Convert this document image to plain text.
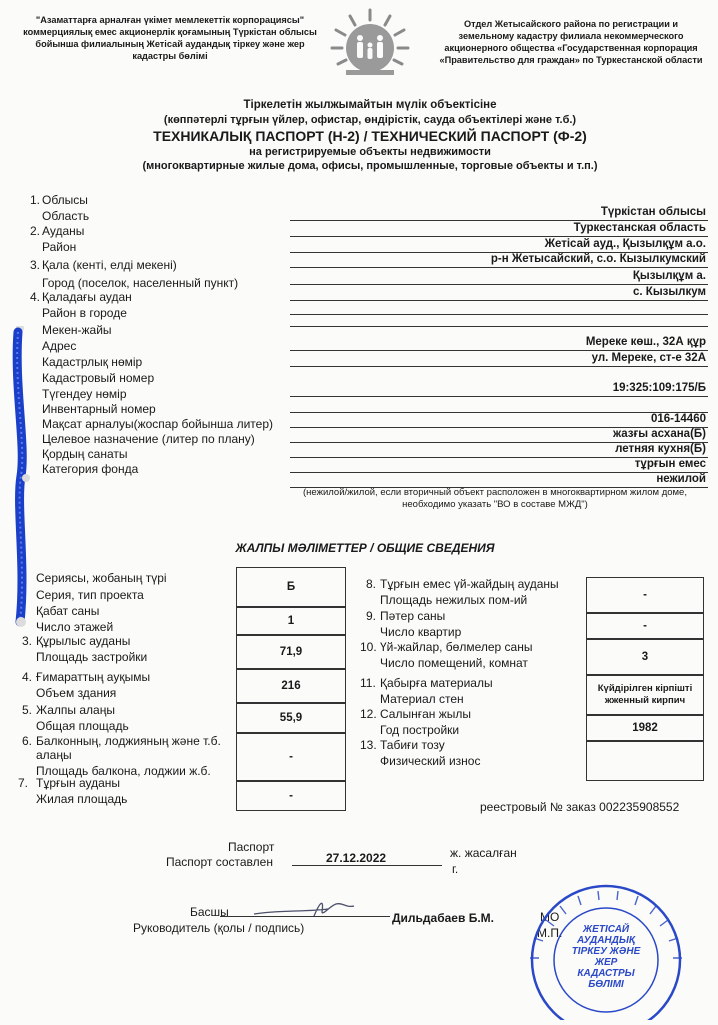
"Азаматтарға арналған үкімет мемлекеттік корпорациясы" коммерциялық емес акционерлік қоғамының Түркістан облысы бойынша филиалының Жетісай аудандық тіркеу және жер кадастры бөлімі
Отдел Жетысайского района по регистрации и земельному кадастру филиала некоммерческого акционерного общества «Государственная корпорация «Правительство для граждан» по Туркестанской области
Тіркелетін жылжымайтын мүлік объектісіне
(көппәтерлі тұрғын үйлер, офистар, өндірістік, сауда объектілері және т.б.)
ТЕХНИКАЛЫҚ ПАСПОРТ (Н-2) / ТЕХНИЧЕСКИЙ ПАСПОРТ (Ф-2)
на регистрируемые объекты недвижимости
(многоквартирные жилые дома, офисы, промышленные, торговые объекты и т.п.)
1. Облысы
Область	Түркістан облысы
Туркестанская область
2. Ауданы
Район	Жетісай ауд., Қызылқұм а.о.
р-н Жетысайский, с.о. Кызылкумский
3. Қала (кенті, елді мекені)
Город (поселок, населенный пункт)	Қызылқұм а.
с. Кызылкум
4. Қаладағы аудан
Район в городе
Мекен-жайы
Адрес	Мереке көш., 32А құр
ул. Мереке, ст-е 32А
Кадастрлық нөмір
Кадастровый номер
19:325:109:175/Б
Түгендеу нөмір
Инвентарный номер
016-14460
Мақсат арналуы(жоспар бойынша литер)
Целевое назначение (литер по плану)	жазғы асхана(Б)
летняя кухня(Б)
Қордың санаты
Категория фонда	тұрғын емес
нежилой
(нежилой/жилой, если вторичный объект расположен в многоквартирном жилом доме, необходимо указать "ВО в составе МЖД")
ЖАЛПЫ МӘЛІМЕТТЕР / ОБЩИЕ СВЕДЕНИЯ
Сериясы, жобаның түрі
Серия, тип проекта
Б
Қабат саны
Число этажей	1
3. Құрылыс ауданы
Площадь застройки	71,9
4. Ғимараттың ауқымы
Объем здания	216
5. Жалпы алаңы
Общая площадь
55,9
6. Балконның, лоджияның және т.б. алаңы
Площадь балкона, лоджии ж.б.
-
7. Тұрғын ауданы
Жилая площадь	-
8. Тұрғын емес үй-жайдың ауданы
Площадь нежилых пом-ий	-
9. Пәтер саны
Число квартир	-
10. Үй-жайлар, бөлмелер саны
Число помещений, комнат	3
11. Қабырға материалы
Материал стен
Күйдірілген кірпішті жженный кирпич
12. Салынған жылы
Год постройки	1982
13. Табиғи тозу
Физический износ
реестровый № заказ 002235908552
Паспорт
Паспорт составлен	27.12.2022	ж. жасалған
г.
Басшы
Руководитель (қолы / подпись)
Дильдабаев Б.М.	МО
М.П.	ЖЕТІСАЙ АУДАНДЫҚ ТІРКЕУ ЖӘНЕ ЖЕР КАДАСТРЫ БӨЛІМІ
